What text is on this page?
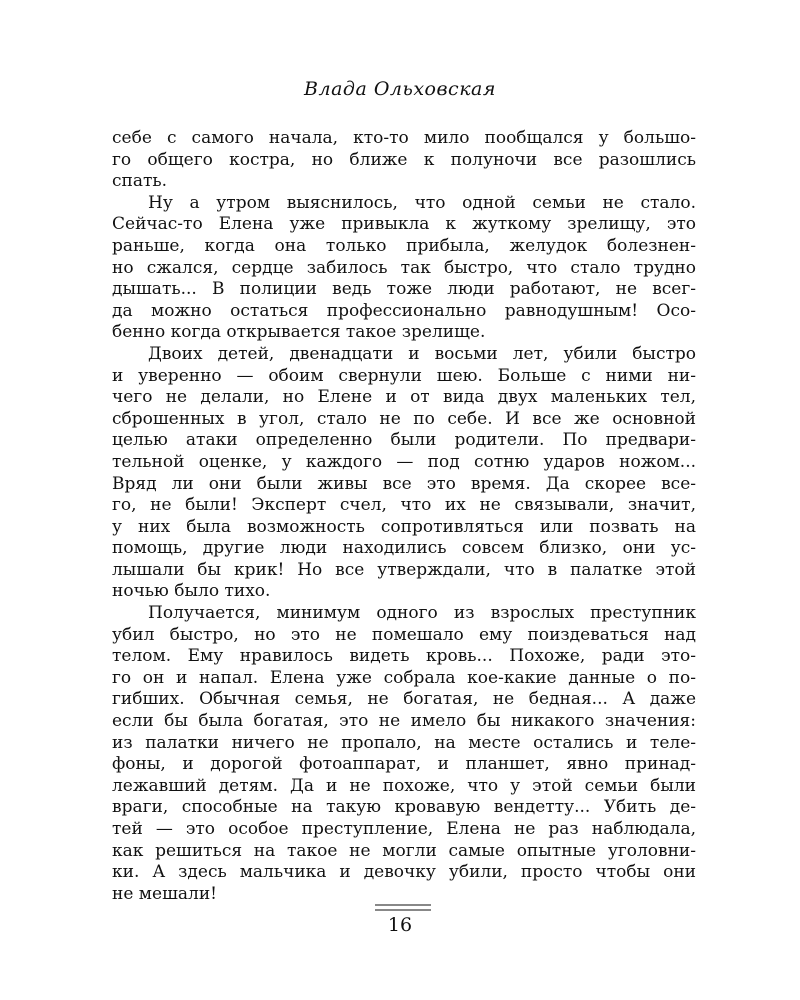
Влада Ольховская
себе с самого начала, кто-то мило пообщался у большо-
го общего костра, но ближе к полуночи все разошлись
спать.
Ну а утром выяснилось, что одной семьи не стало.
Сейчас-то Елена уже привыкла к жуткому зрелищу, это
раньше, когда она только прибыла, желудок болезнен-
но сжался, сердце забилось так быстро, что стало трудно
дышать... В полиции ведь тоже люди работают, не всег-
да можно остаться профессионально равнодушным! Осо-
бенно когда открывается такое зрелище.
Двоих детей, двенадцати и восьми лет, убили быстро
и уверенно — обоим свернули шею. Больше с ними ни-
чего не делали, но Елене и от вида двух маленьких тел,
сброшенных в угол, стало не по себе. И все же основной
целью атаки определенно были родители. По предвари-
тельной оценке, у каждого — под сотню ударов ножом...
Вряд ли они были живы все это время. Да скорее все-
го, не были! Эксперт счел, что их не связывали, значит,
у них была возможность сопротивляться или позвать на
помощь, другие люди находились совсем близко, они ус-
лышали бы крик! Но все утверждали, что в палатке этой
ночью было тихо.
Получается, минимум одного из взрослых преступник
убил быстро, но это не помешало ему поиздеваться над
телом. Ему нравилось видеть кровь... Похоже, ради это-
го он и напал. Елена уже собрала кое-какие данные о по-
гибших. Обычная семья, не богатая, не бедная... А даже
если бы была богатая, это не имело бы никакого значения:
из палатки ничего не пропало, на месте остались и теле-
фоны, и дорогой фотоаппарат, и планшет, явно принад-
лежавший детям. Да и не похоже, что у этой семьи были
враги, способные на такую кровавую вендетту... Убить де-
тей — это особое преступление, Елена не раз наблюдала,
как решиться на такое не могли самые опытные уголовни-
ки. А здесь мальчика и девочку убили, просто чтобы они
не мешали!
16
